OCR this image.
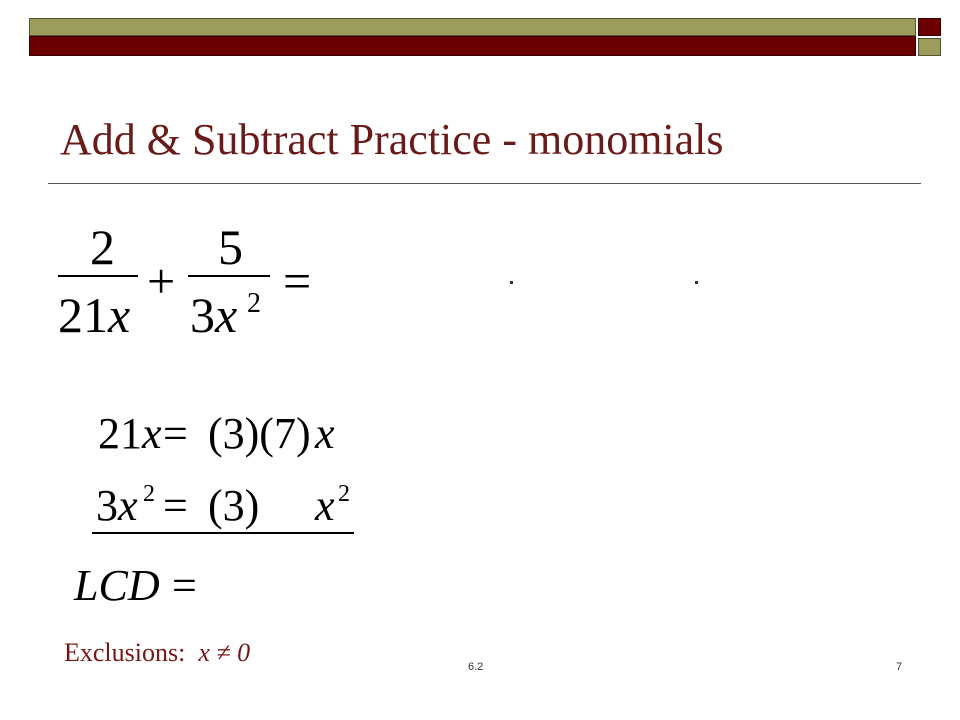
Add & Subtract Practice - monomials
2
21x
+
5
3x 2 =
21x = (3)(7) x
3x 2 = (3) x 2
LCD =
Exclusions: x ≠ 0	6.2	7
